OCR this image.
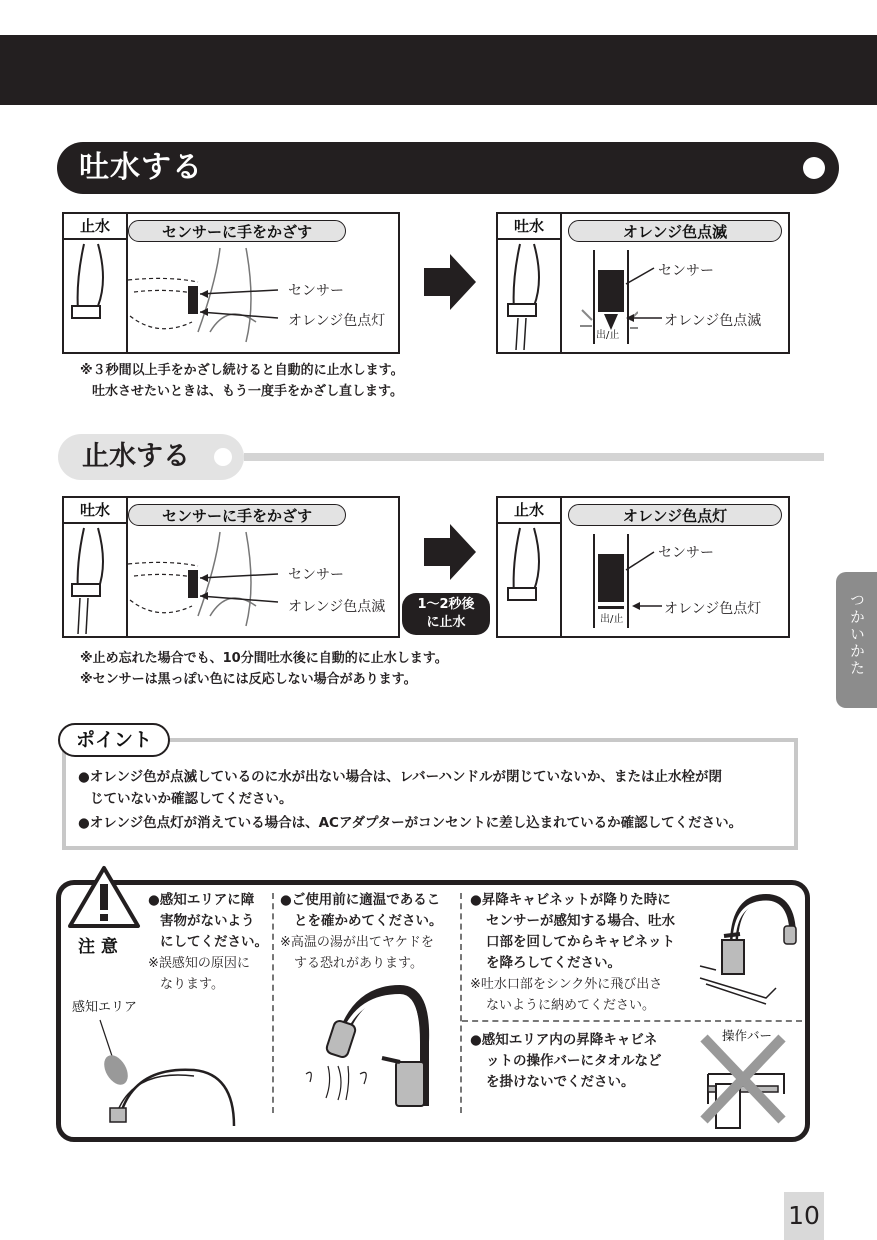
吐水する
止水	センサーに手をかざす
センサー
オレンジ色点灯
吐水	オレンジ色点滅
出/止
センサー
オレンジ色点滅
※３秒間以上手をかざし続けると自動的に止水します。
吐水させたいときは、もう一度手をかざし直します。
止水する
吐水	センサーに手をかざす
センサー
オレンジ色点滅	1～2秒後
に止水
止水	オレンジ色点灯
出/止
センサー
オレンジ色点灯
※止め忘れた場合でも、10分間吐水後に自動的に止水します。
※センサーは黒っぽい色には反応しない場合があります。
ポイント
●オレンジ色が点滅しているのに水が出ない場合は、レバーハンドルが閉じていないか、または止水栓が閉
じていないか確認してください。
●オレンジ色点灯が消えている場合は、ACアダプターがコンセントに差し込まれているか確認してください。
注 意
感知エリア
●感知エリアに障
害物がないよう
にしてください。
※誤感知の原因に
なります。
●ご使用前に適温であるこ
とを確かめてください。
※高温の湯が出てヤケドを
する恐れがあります。
●昇降キャビネットが降りた時に
センサーが感知する場合、吐水
口部を回してからキャビネット
を降ろしてください。
※吐水口部をシンク外に飛び出さ
ないように納めてください。
●感知エリア内の昇降キャビネ
ットの操作バーにタオルなど
を掛けないでください。
操作バー
つかいかた
10
